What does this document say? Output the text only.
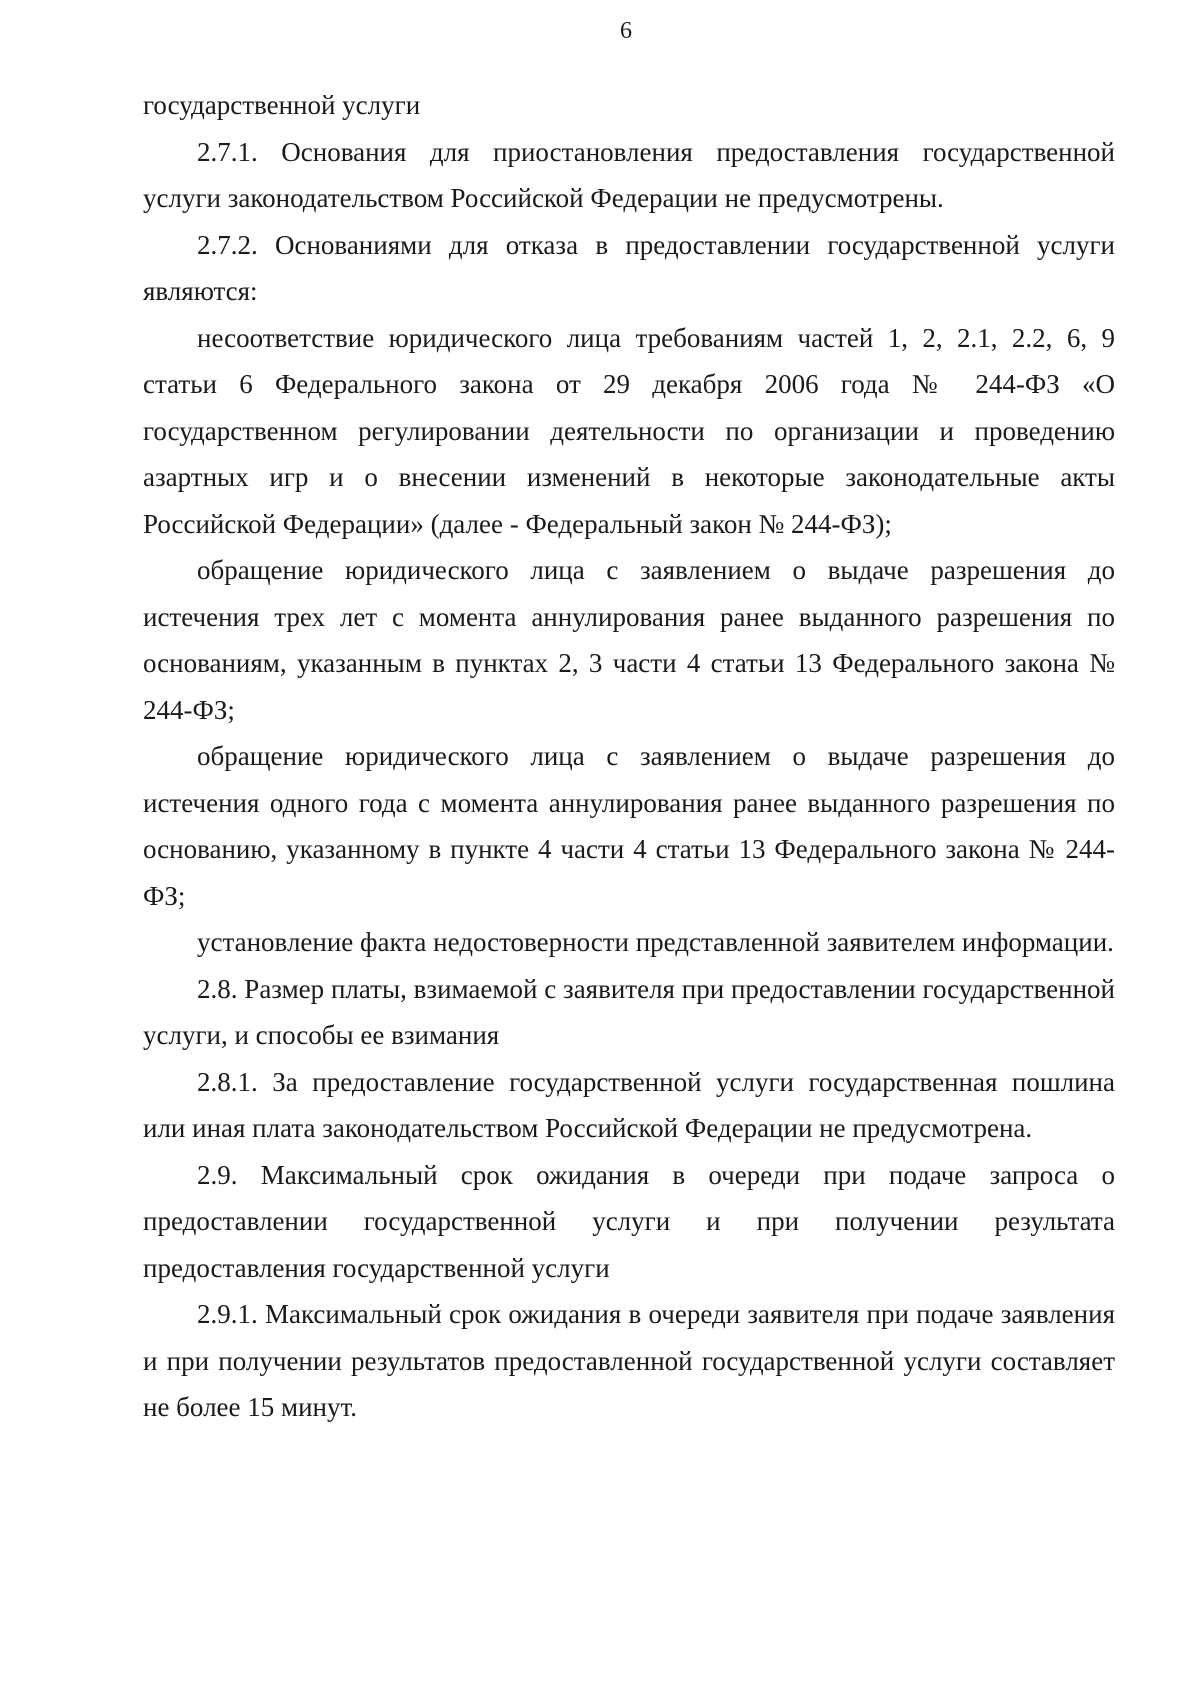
6

государственной услуги

2.7.1. Основания для приостановления предоставления государственной услуги законодательством Российской Федерации не предусмотрены.

2.7.2. Основаниями для отказа в предоставлении государственной услуги являются:

несоответствие юридического лица требованиям частей 1, 2, 2.1, 2.2, 6, 9 статьи 6 Федерального закона от 29 декабря 2006 года № 244-ФЗ «О государственном регулировании деятельности по организации и проведению азартных игр и о внесении изменений в некоторые законодательные акты Российской Федерации» (далее - Федеральный закон № 244-ФЗ);

обращение юридического лица с заявлением о выдаче разрешения до истечения трех лет с момента аннулирования ранее выданного разрешения по основаниям, указанным в пунктах 2, 3 части 4 статьи 13 Федерального закона № 244-ФЗ;

обращение юридического лица с заявлением о выдаче разрешения до истечения одного года с момента аннулирования ранее выданного разрешения по основанию, указанному в пункте 4 части 4 статьи 13 Федерального закона № 244-ФЗ;

установление факта недостоверности представленной заявителем информации.

2.8. Размер платы, взимаемой с заявителя при предоставлении государственной услуги, и способы ее взимания

2.8.1. За предоставление государственной услуги государственная пошлина или иная плата законодательством Российской Федерации не предусмотрена.

2.9. Максимальный срок ожидания в очереди при подаче запроса о предоставлении государственной услуги и при получении результата предоставления государственной услуги

2.9.1. Максимальный срок ожидания в очереди заявителя при подаче заявления и при получении результатов предоставленной государственной услуги составляет не более 15 минут.
